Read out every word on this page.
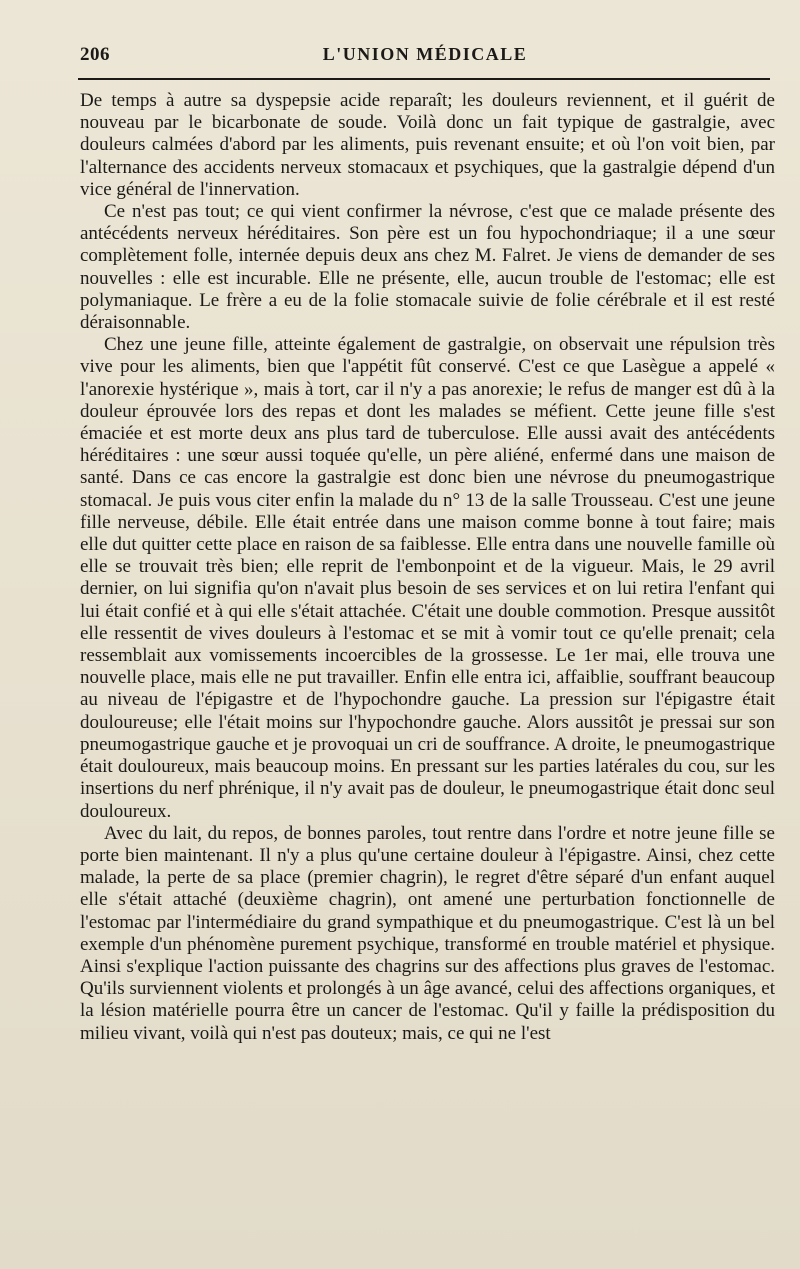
206	L'UNION MÉDICALE

De temps à autre sa dyspepsie acide reparaît; les douleurs reviennent, et il guérit de nouveau par le bicarbonate de soude. Voilà donc un fait typique de gastralgie, avec douleurs calmées d'abord par les aliments, puis revenant ensuite; et où l'on voit bien, par l'alternance des accidents nerveux stomacaux et psychiques, que la gastralgie dépend d'un vice général de l'innervation.

Ce n'est pas tout; ce qui vient confirmer la névrose, c'est que ce malade présente des antécédents nerveux héréditaires. Son père est un fou hypochondriaque; il a une sœur complètement folle, internée depuis deux ans chez M. Falret. Je viens de demander de ses nouvelles : elle est incurable. Elle ne présente, elle, aucun trouble de l'estomac; elle est polymaniaque. Le frère a eu de la folie stomacale suivie de folie cérébrale et il est resté déraisonnable.

Chez une jeune fille, atteinte également de gastralgie, on observait une répulsion très vive pour les aliments, bien que l'appétit fût conservé. C'est ce que Lasègue a appelé « l'anorexie hystérique », mais à tort, car il n'y a pas anorexie; le refus de manger est dû à la douleur éprouvée lors des repas et dont les malades se méfient. Cette jeune fille s'est émaciée et est morte deux ans plus tard de tuberculose. Elle aussi avait des antécédents héréditaires : une sœur aussi toquée qu'elle, un père aliéné, enfermé dans une maison de santé. Dans ce cas encore la gastralgie est donc bien une névrose du pneumogastrique stomacal. Je puis vous citer enfin la malade du n° 13 de la salle Trousseau. C'est une jeune fille nerveuse, débile. Elle était entrée dans une maison comme bonne à tout faire; mais elle dut quitter cette place en raison de sa faiblesse. Elle entra dans une nouvelle famille où elle se trouvait très bien; elle reprit de l'embonpoint et de la vigueur. Mais, le 29 avril dernier, on lui signifia qu'on n'avait plus besoin de ses services et on lui retira l'enfant qui lui était confié et à qui elle s'était attachée. C'était une double commotion. Presque aussitôt elle ressentit de vives douleurs à l'estomac et se mit à vomir tout ce qu'elle prenait; cela ressemblait aux vomissements incoercibles de la grossesse. Le 1er mai, elle trouva une nouvelle place, mais elle ne put travailler. Enfin elle entra ici, affaiblie, souffrant beaucoup au niveau de l'épigastre et de l'hypochondre gauche. La pression sur l'épigastre était douloureuse; elle l'était moins sur l'hypochondre gauche. Alors aussitôt je pressai sur son pneumogastrique gauche et je provoquai un cri de souffrance. A droite, le pneumogastrique était douloureux, mais beaucoup moins. En pressant sur les parties latérales du cou, sur les insertions du nerf phrénique, il n'y avait pas de douleur, le pneumogastrique était donc seul douloureux.

Avec du lait, du repos, de bonnes paroles, tout rentre dans l'ordre et notre jeune fille se porte bien maintenant. Il n'y a plus qu'une certaine douleur à l'épigastre. Ainsi, chez cette malade, la perte de sa place (premier chagrin), le regret d'être séparé d'un enfant auquel elle s'était attaché (deuxième chagrin), ont amené une perturbation fonctionnelle de l'estomac par l'intermédiaire du grand sympathique et du pneumogastrique. C'est là un bel exemple d'un phénomène purement psychique, transformé en trouble matériel et physique. Ainsi s'explique l'action puissante des chagrins sur des affections plus graves de l'estomac. Qu'ils surviennent violents et prolongés à un âge avancé, celui des affections organiques, et la lésion matérielle pourra être un cancer de l'estomac. Qu'il y faille la prédisposition du milieu vivant, voilà qui n'est pas douteux; mais, ce qui ne l'est
